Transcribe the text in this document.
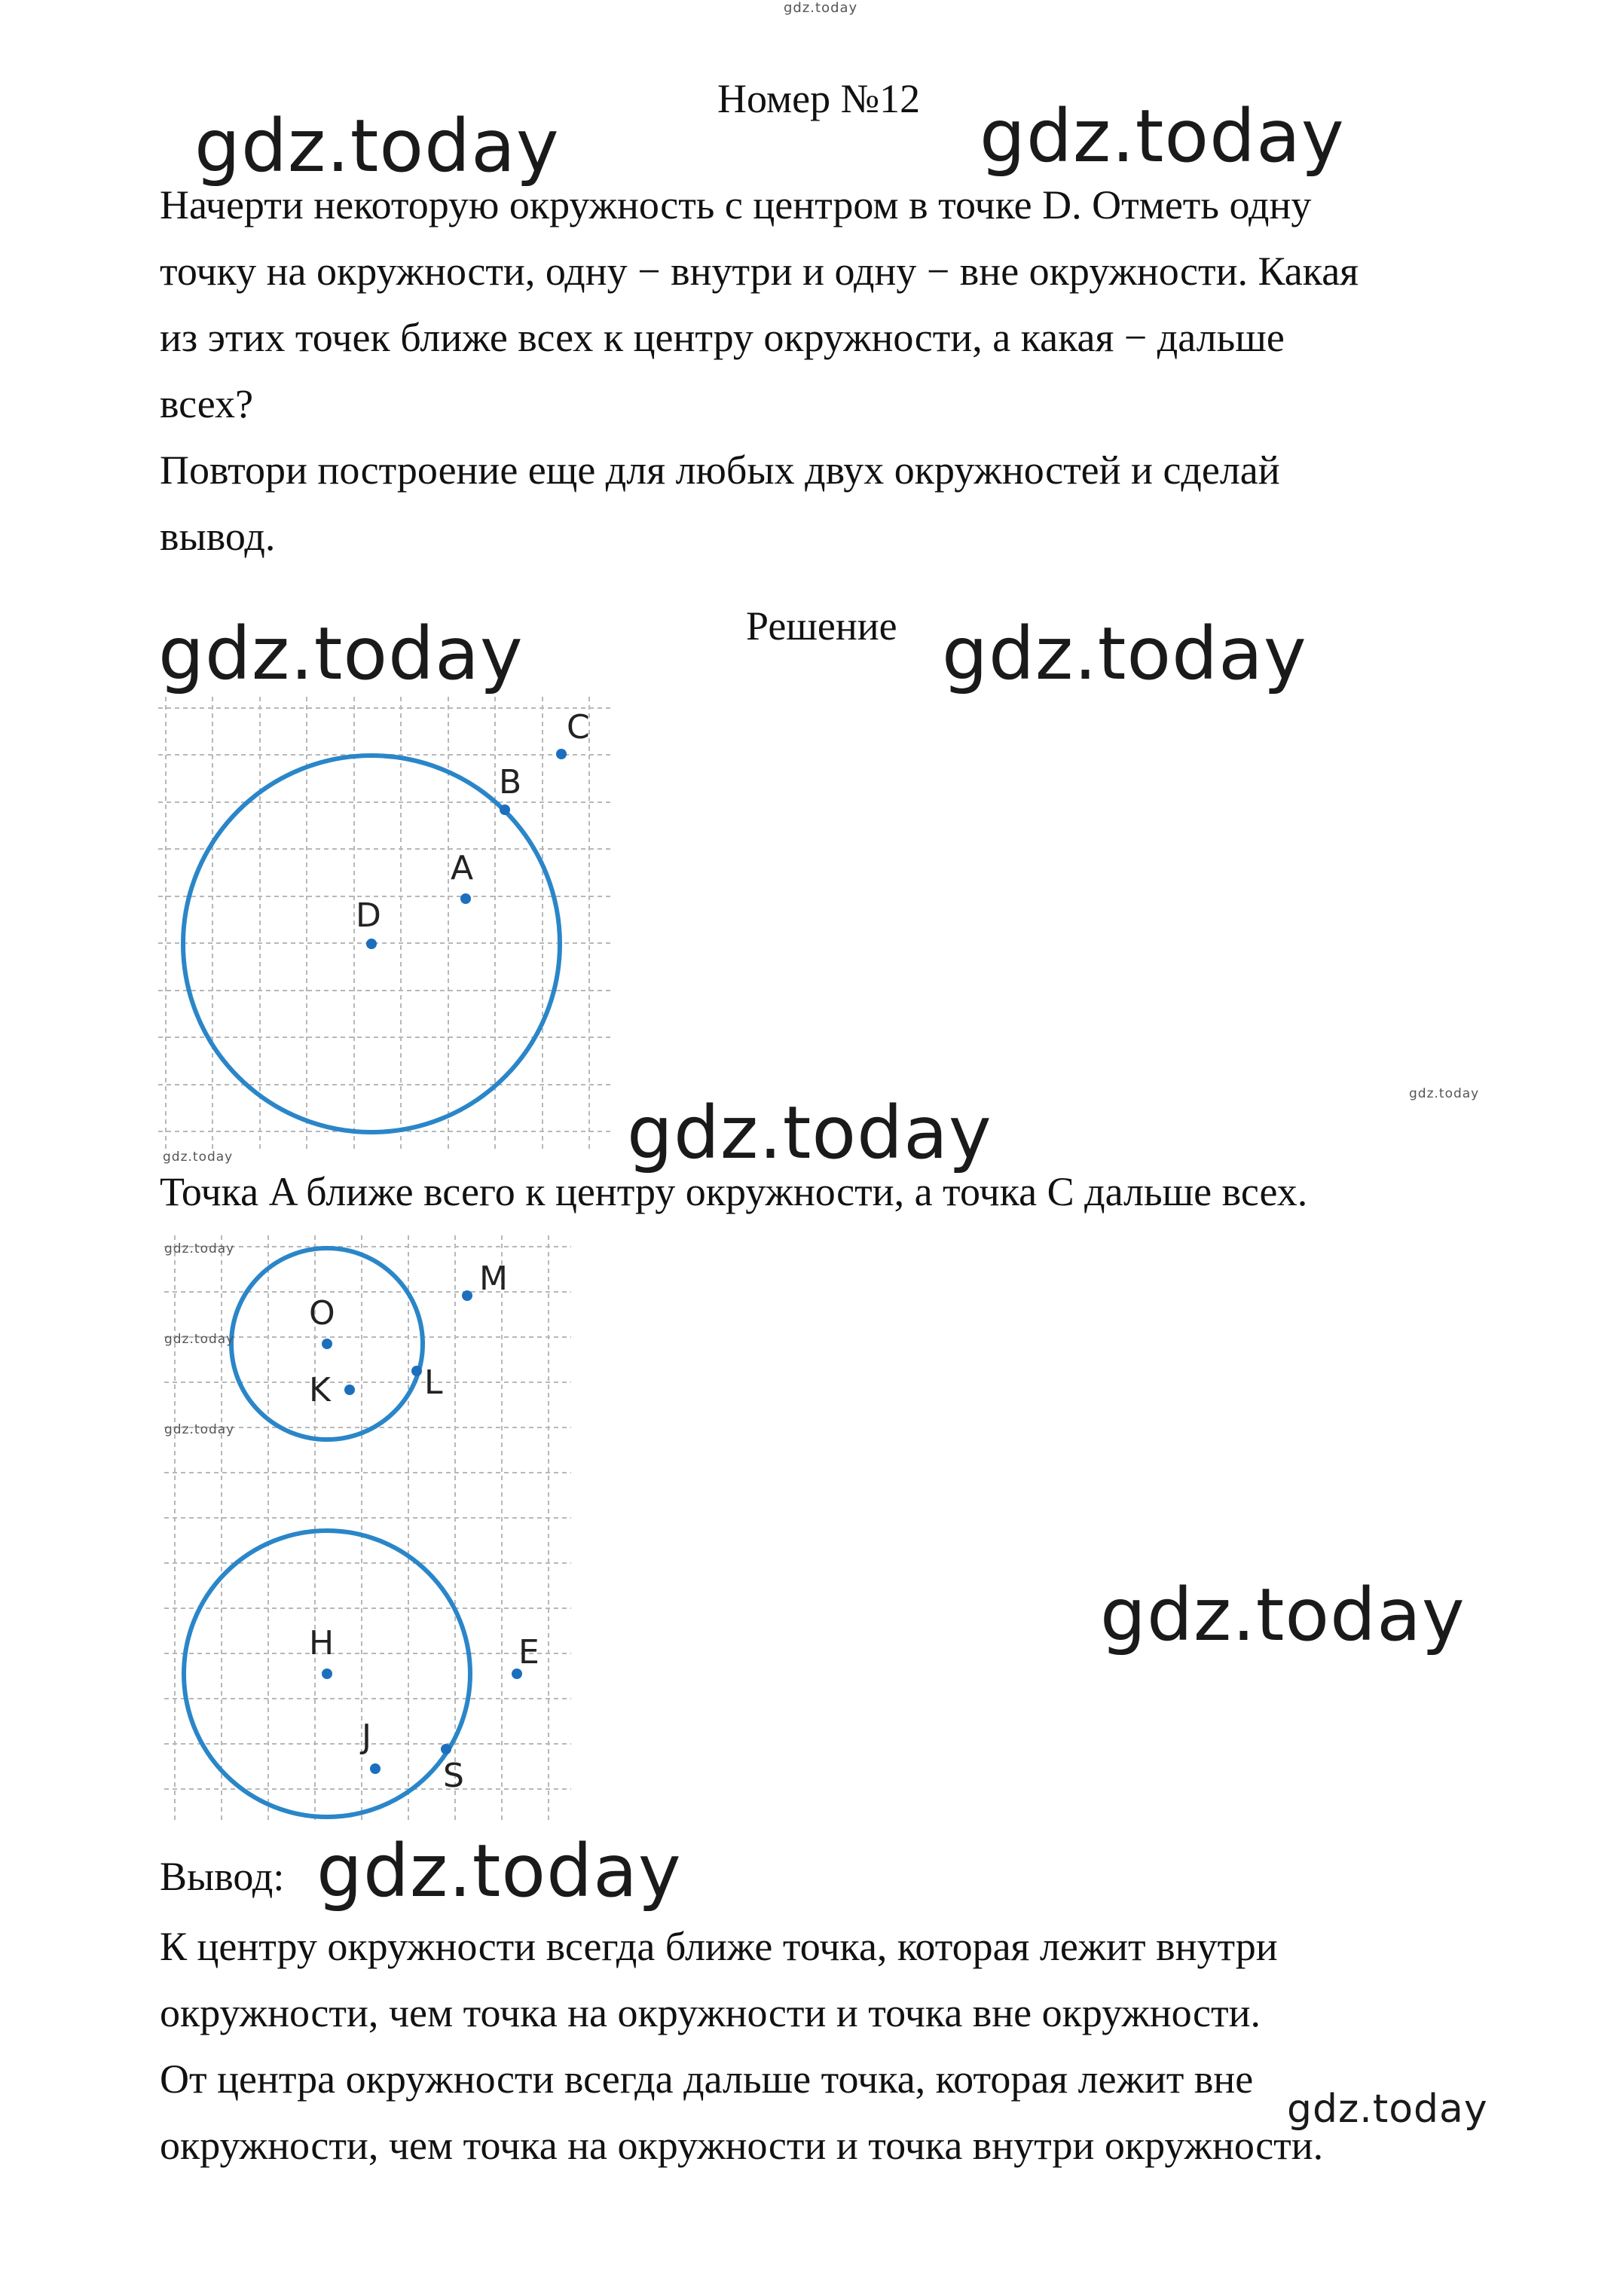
gdz.today
Номер №12
gdz.today	gdz.today

Начерти некоторую окружность с центром в точке D. Отметь одну

точку на окружности, одну − внутри и одну − вне окружности. Какая

из этих точек ближе всех к центру окружности, а какая − дальше

всех?

Повтори построение еще для любых двух окружностей и сделай

вывод.

gdz.today	Решение gdz.today
C
B
A
D
gdz.today	gdz.today	gdz.today

Точка A ближе всего к центру окружности, а точка C дальше всех.

O
M
K	L
H	E
J
S
gdz.today
gdz.today
gdz.today
gdz.today
Вывод: gdz.today

К центру окружности всегда ближе точка, которая лежит внутри

окружности, чем точка на окружности и точка вне окружности.

От центра окружности всегда дальше точка, которая лежит вне

окружности, чем точка на окружности и точка внутри окружности.

gdz.today
